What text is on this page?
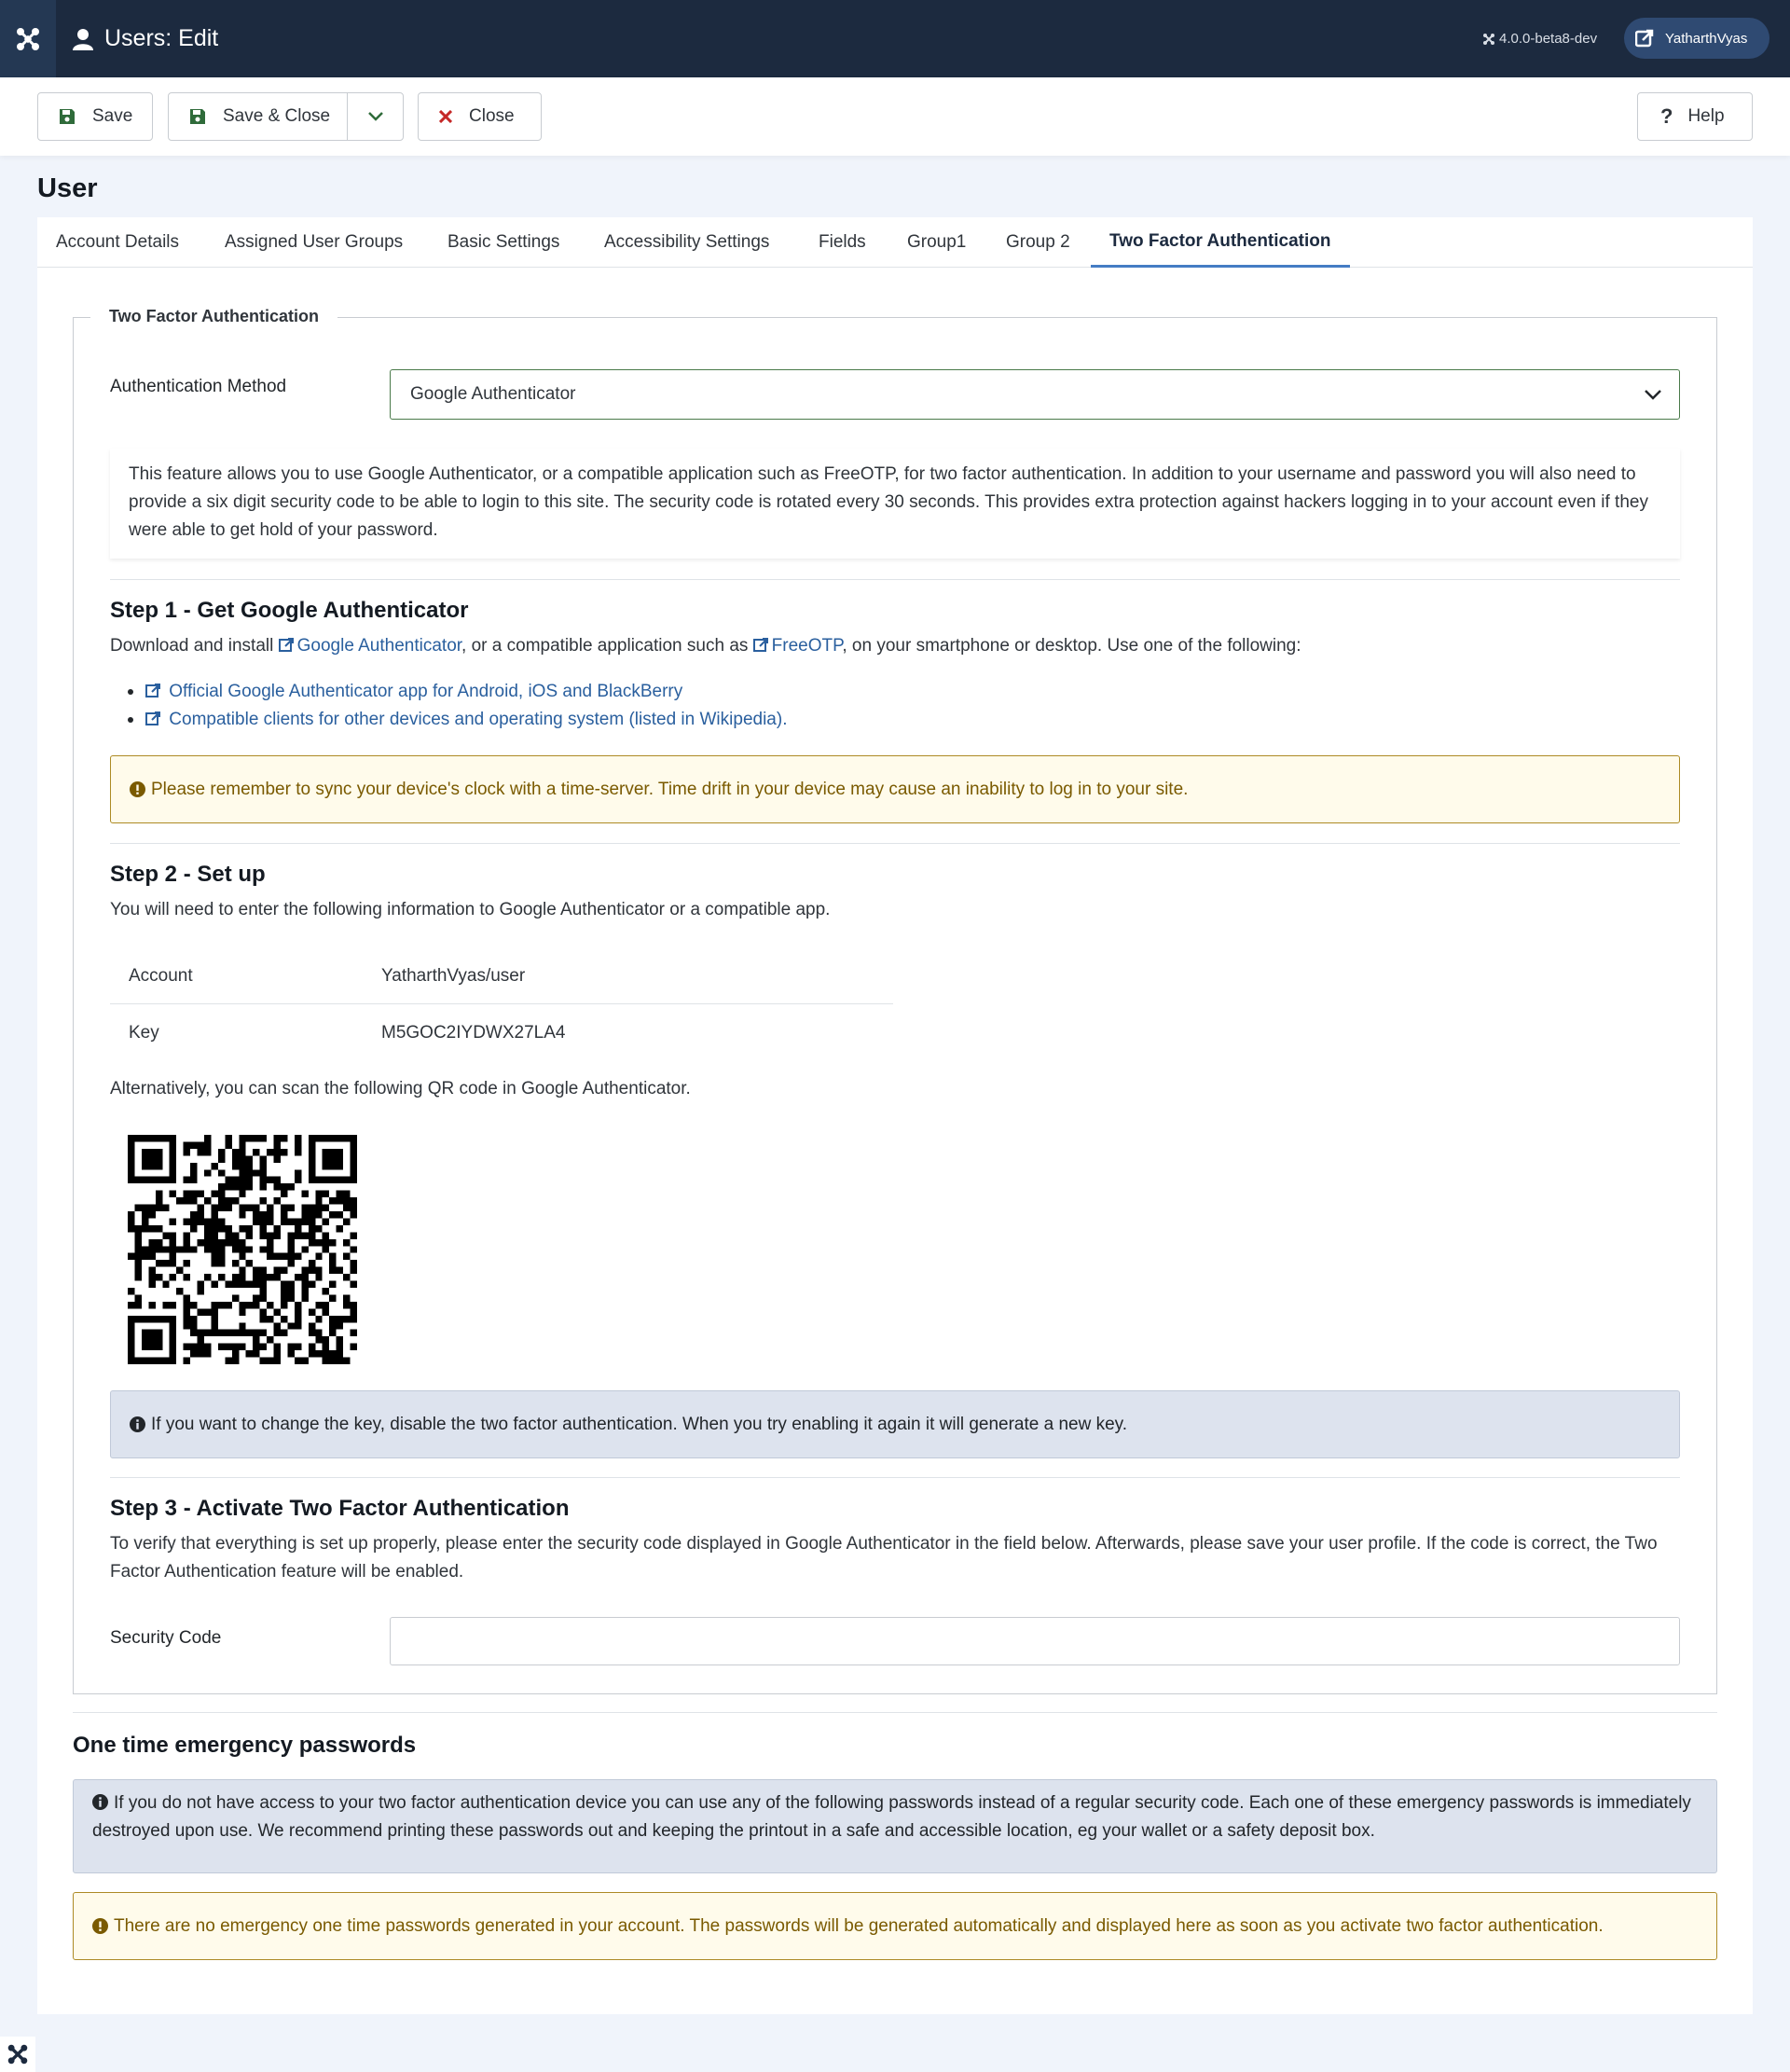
Users: Edit	4.0.0-beta8-dev	YatharthVyas
Save	Save & Close	Close	? Help
User
Account Details	Assigned User Groups	Basic Settings	Accessibility Settings	Fields Group1 Group 2	Two Factor Authentication
Two Factor Authentication
Authentication Method	Google Authenticator
This feature allows you to use Google Authenticator, or a compatible application such as FreeOTP, for two factor authentication. In addition to your username and password you will also need to provide a six digit security code to be able to login to this site. The security code is rotated every 30 seconds. This provides extra protection against hackers logging in to your account even if they were able to get hold of your password.
Step 1 - Get Google Authenticator
Download and install Google Authenticator, or a compatible application such as FreeOTP, on your smartphone or desktop. Use one of the following:
Official Google Authenticator app for Android, iOS and BlackBerry
Compatible clients for other devices and operating system (listed in Wikipedia).
Please remember to sync your device's clock with a time-server. Time drift in your device may cause an inability to log in to your site.
Step 2 - Set up
You will need to enter the following information to Google Authenticator or a compatible app.
Account	YatharthVyas/user
Key	M5GOC2IYDWX27LA4
Alternatively, you can scan the following QR code in Google Authenticator.
If you want to change the key, disable the two factor authentication. When you try enabling it again it will generate a new key.
Step 3 - Activate Two Factor Authentication
To verify that everything is set up properly, please enter the security code displayed in Google Authenticator in the field below. Afterwards, please save your user profile. If the code is correct, the Two Factor Authentication feature will be enabled.
Security Code
One time emergency passwords
If you do not have access to your two factor authentication device you can use any of the following passwords instead of a regular security code. Each one of these emergency passwords is immediately destroyed upon use. We recommend printing these passwords out and keeping the printout in a safe and accessible location, eg your wallet or a safety deposit box.
There are no emergency one time passwords generated in your account. The passwords will be generated automatically and displayed here as soon as you activate two factor authentication.
